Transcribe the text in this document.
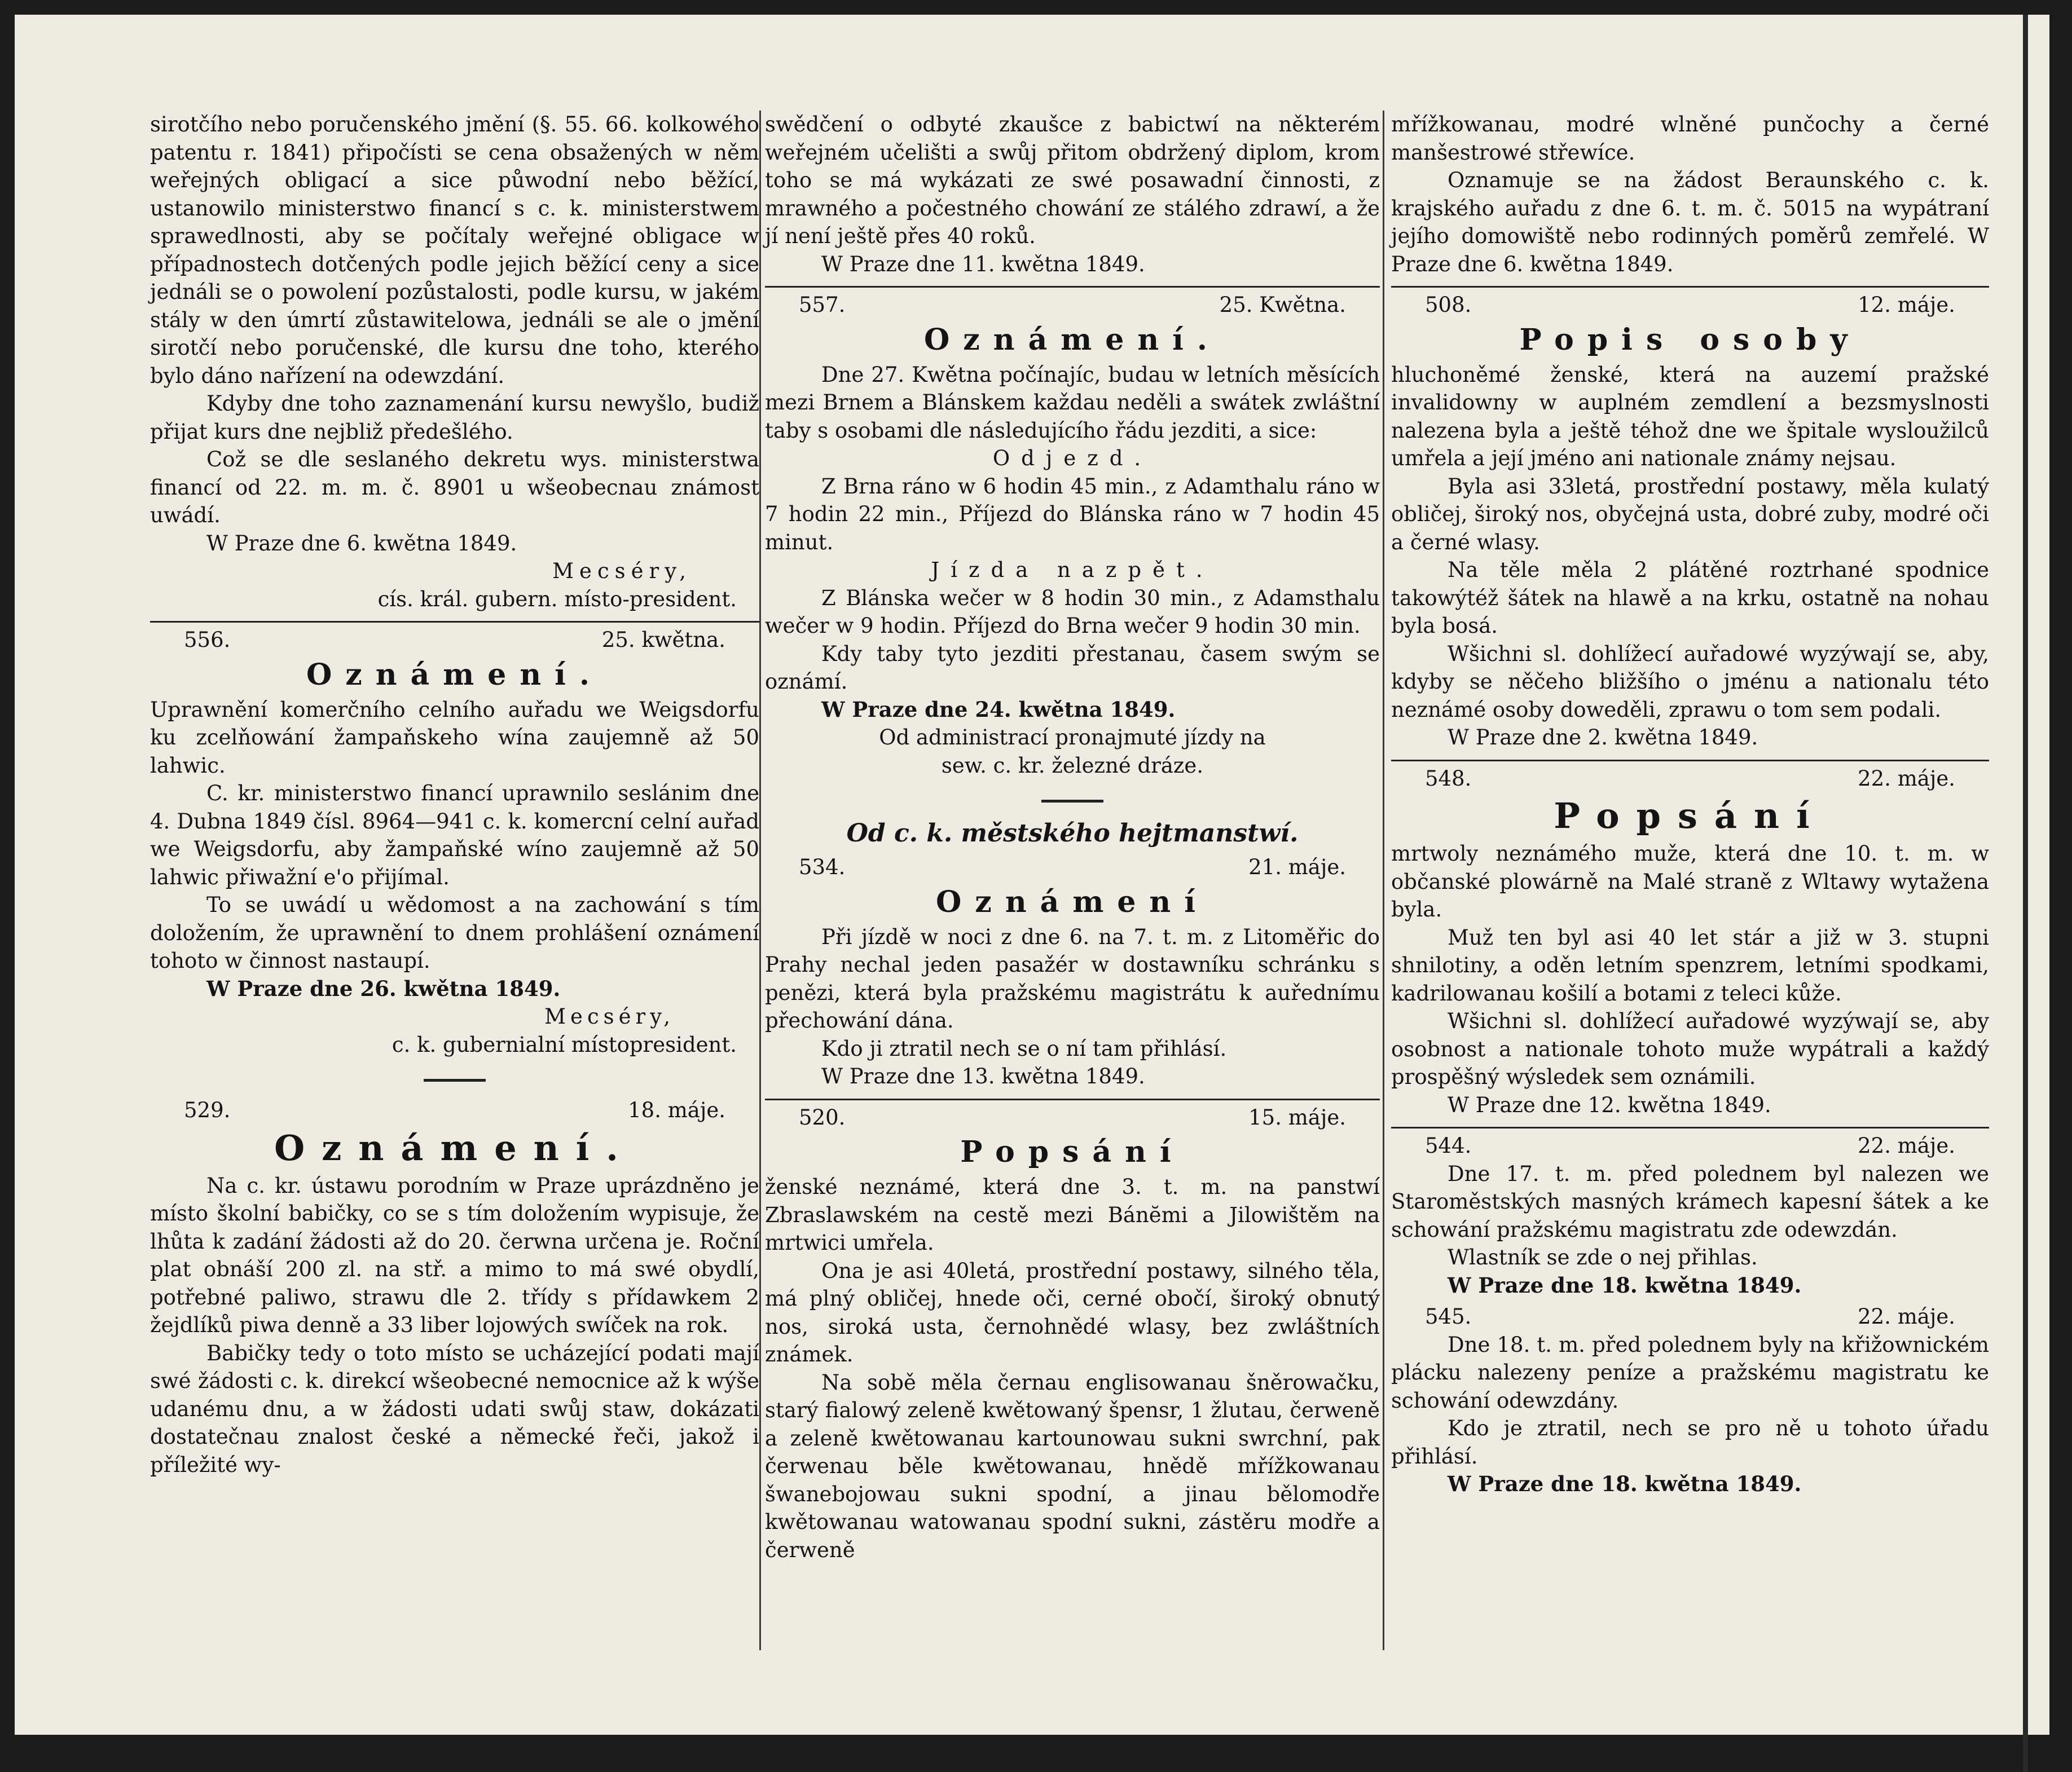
sirotčího nebo poručenského jmění (§. 55. 66. kolkowého patentu r. 1841) připočísti se cena obsažených w něm weřejných obligací a sice půwodní nebo běžící, ustanowilo ministerstwo financí s c. k. ministerstwem sprawedlnosti, aby se počítaly weřejné obligace w případnostech dotčených podle jejich běžící ceny a sice jednáli se o powolení pozůstalosti, podle kursu, w jakém stály w den úmrtí zůstawitelowa, jednáli se ale o jmění sirotčí nebo poručenské, dle kursu dne toho, kterého bylo dáno nařízení na odewzdání.

Kdyby dne toho zaznamenání kursu newyšlo, budiž přijat kurs dne nejbliž předešlého.

Což se dle seslaného dekretu wys. ministerstwa financí od 22. m. m. č. 8901 u wšeobecnau známost uwádí.

W Praze dne 6. kwětna 1849.

Mecséry,

cís. král. gubern. místo-president.

556.	25. kwětna.

Oznámení.

Uprawnění komerčního celního auřadu we Weigsdorfu ku zcelňowání žampaňskeho wína zaujemně až 50 lahwic.

C. kr. ministerstwo financí uprawnilo seslánim dne 4. Dubna 1849 čísl. 8964—941 c. k. komercní celní auřad we Weigsdorfu, aby žampaňské wíno zaujemně až 50 lahwic přiwažní e'o přijímal.

To se uwádí u wědomost a na zachowání s tím doložením, že uprawnění to dnem prohlášení oznámení tohoto w činnost nastaupí.

W Praze dne 26. kwětna 1849.

Mecséry,

c. k. gubernialní místopresident.

529.	18. máje.

Oznámení.

Na c. kr. ústawu porodním w Praze uprázdněno je místo školní babičky, co se s tím doložením wypisuje, že lhůta k zadání žádosti až do 20. čerwna určena je. Roční plat obnáší 200 zl. na stř. a mimo to má swé obydlí, potřebné paliwo, strawu dle 2. třídy s přídawkem 2 žejdlíků piwa denně a 33 liber lojowých swíček na rok.

Babičky tedy o toto místo se ucházející podati mají swé žádosti c. k. direkcí wšeobecné nemocnice až k wýše udanému dnu, a w žádosti udati swůj staw, dokázati dostatečnau znalost české a německé řeči, jakož i příležité wy-

swědčení o odbyté zkaušce z babictwí na některém weřejném učelišti a swůj přitom obdržený diplom, krom toho se má wykázati ze swé posawadní činnosti, z mrawného a počestného chowání ze stálého zdrawí, a že jí není ještě přes 40 roků.

W Praze dne 11. kwětna 1849.

557.	25. Kwětna.

Oznámení.

Dne 27. Kwětna počínajíc, budau w letních měsících mezi Brnem a Blánskem každau neděli a swátek zwláštní taby s osobami dle následujícího řádu jezditi, a sice:

Odjezd.

Z Brna ráno w 6 hodin 45 min., z Adamthalu ráno w 7 hodin 22 min., Příjezd do Blánska ráno w 7 hodin 45 minut.

Jízda nazpět.

Z Blánska wečer w 8 hodin 30 min., z Adamsthalu wečer w 9 hodin. Příjezd do Brna wečer 9 hodin 30 min.

Kdy taby tyto jezditi přestanau, časem swým se oznámí.

W Praze dne 24. kwětna 1849.

Od administrací pronajmuté jízdy na

sew. c. kr. železné dráze.

Od c. k. městského hejtmanstwí.

534.	21. máje.

Oznámení

Při jízdě w noci z dne 6. na 7. t. m. z Litoměřic do Prahy nechal jeden pasažér w dostawníku schránku s penězi, která byla pražskému magistrátu k auřednímu přechowání dána.

Kdo ji ztratil nech se o ní tam přihlásí.

W Praze dne 13. kwětna 1849.

520.	15. máje.

Popsání

ženské neznámé, která dne 3. t. m. na panstwí Zbraslawském na cestě mezi Bánĕmi a Jilowištěm na mrtwici umřela.

Ona je asi 40letá, prostřední postawy, silného těla, má plný obličej, hnede oči, cerné obočí, široký obnutý nos, siroká usta, černohnědé wlasy, bez zwláštních známek.

Na sobě měla černau englisowanau šněrowačku, starý fialowý zeleně kwětowaný špensr, 1 žlutau, čerweně a zeleně kwětowanau kartounowau sukni swrchní, pak čerwenau běle kwětowanau, hnědě mřížkowanau šwanebojowau sukni spodní, a jinau bělomodře kwětowanau watowanau spodní sukni, zástěru modře a čerweně

mřížkowanau, modré wlněné punčochy a černé manšestrowé střewíce.

Oznamuje se na žádost Beraunského c. k. krajského auřadu z dne 6. t. m. č. 5015 na wypátraní jejího domowiště nebo rodinných poměrů zemřelé. W Praze dne 6. kwětna 1849.

508.	12. máje.

Popis osoby

hluchoněmé ženské, která na auzemí pražské invalidowny w auplném zemdlení a bezsmyslnosti nalezena byla a ještě téhož dne we špitale wysloužilců umřela a její jméno ani nationale známy nejsau.

Byla asi 33letá, prostřední postawy, měla kulatý obličej, široký nos, obyčejná usta, dobré zuby, modré oči a černé wlasy.

Na těle měla 2 plátěné roztrhané spodnice takowýtéž šátek na hlawě a na krku, ostatně na nohau byla bosá.

Wšichni sl. dohlížecí auřadowé wyzýwají se, aby, kdyby se něčeho bližšího o jménu a nationalu této neznámé osoby doweděli, zprawu o tom sem podali.

W Praze dne 2. kwětna 1849.

548.	22. máje.

Popsání

mrtwoly neznámého muže, která dne 10. t. m. w občanské plowárně na Malé straně z Wltawy wytažena byla.

Muž ten byl asi 40 let stár a již w 3. stupni shnilotiny, a oděn letním spenzrem, letními spodkami, kadrilowanau košilí a botami z teleci kůže.

Wšichni sl. dohlížecí auřadowé wyzýwají se, aby osobnost a nationale tohoto muže wypátrali a každý prospěšný wýsledek sem oznámili.

W Praze dne 12. kwětna 1849.

544.	22. máje.

Dne 17. t. m. před polednem byl nalezen we Staroměstských masných krámech kapesní šátek a ke schowání pražskému magistratu zde odewzdán.

Wlastník se zde o nej přihlas.

W Praze dne 18. kwětna 1849.

545.	22. máje.

Dne 18. t. m. před polednem byly na křižownickém plácku nalezeny peníze a pražskému magistratu ke schowání odewzdány.

Kdo je ztratil, nech se pro ně u tohoto úřadu přihlásí.

W Praze dne 18. kwětna 1849.
